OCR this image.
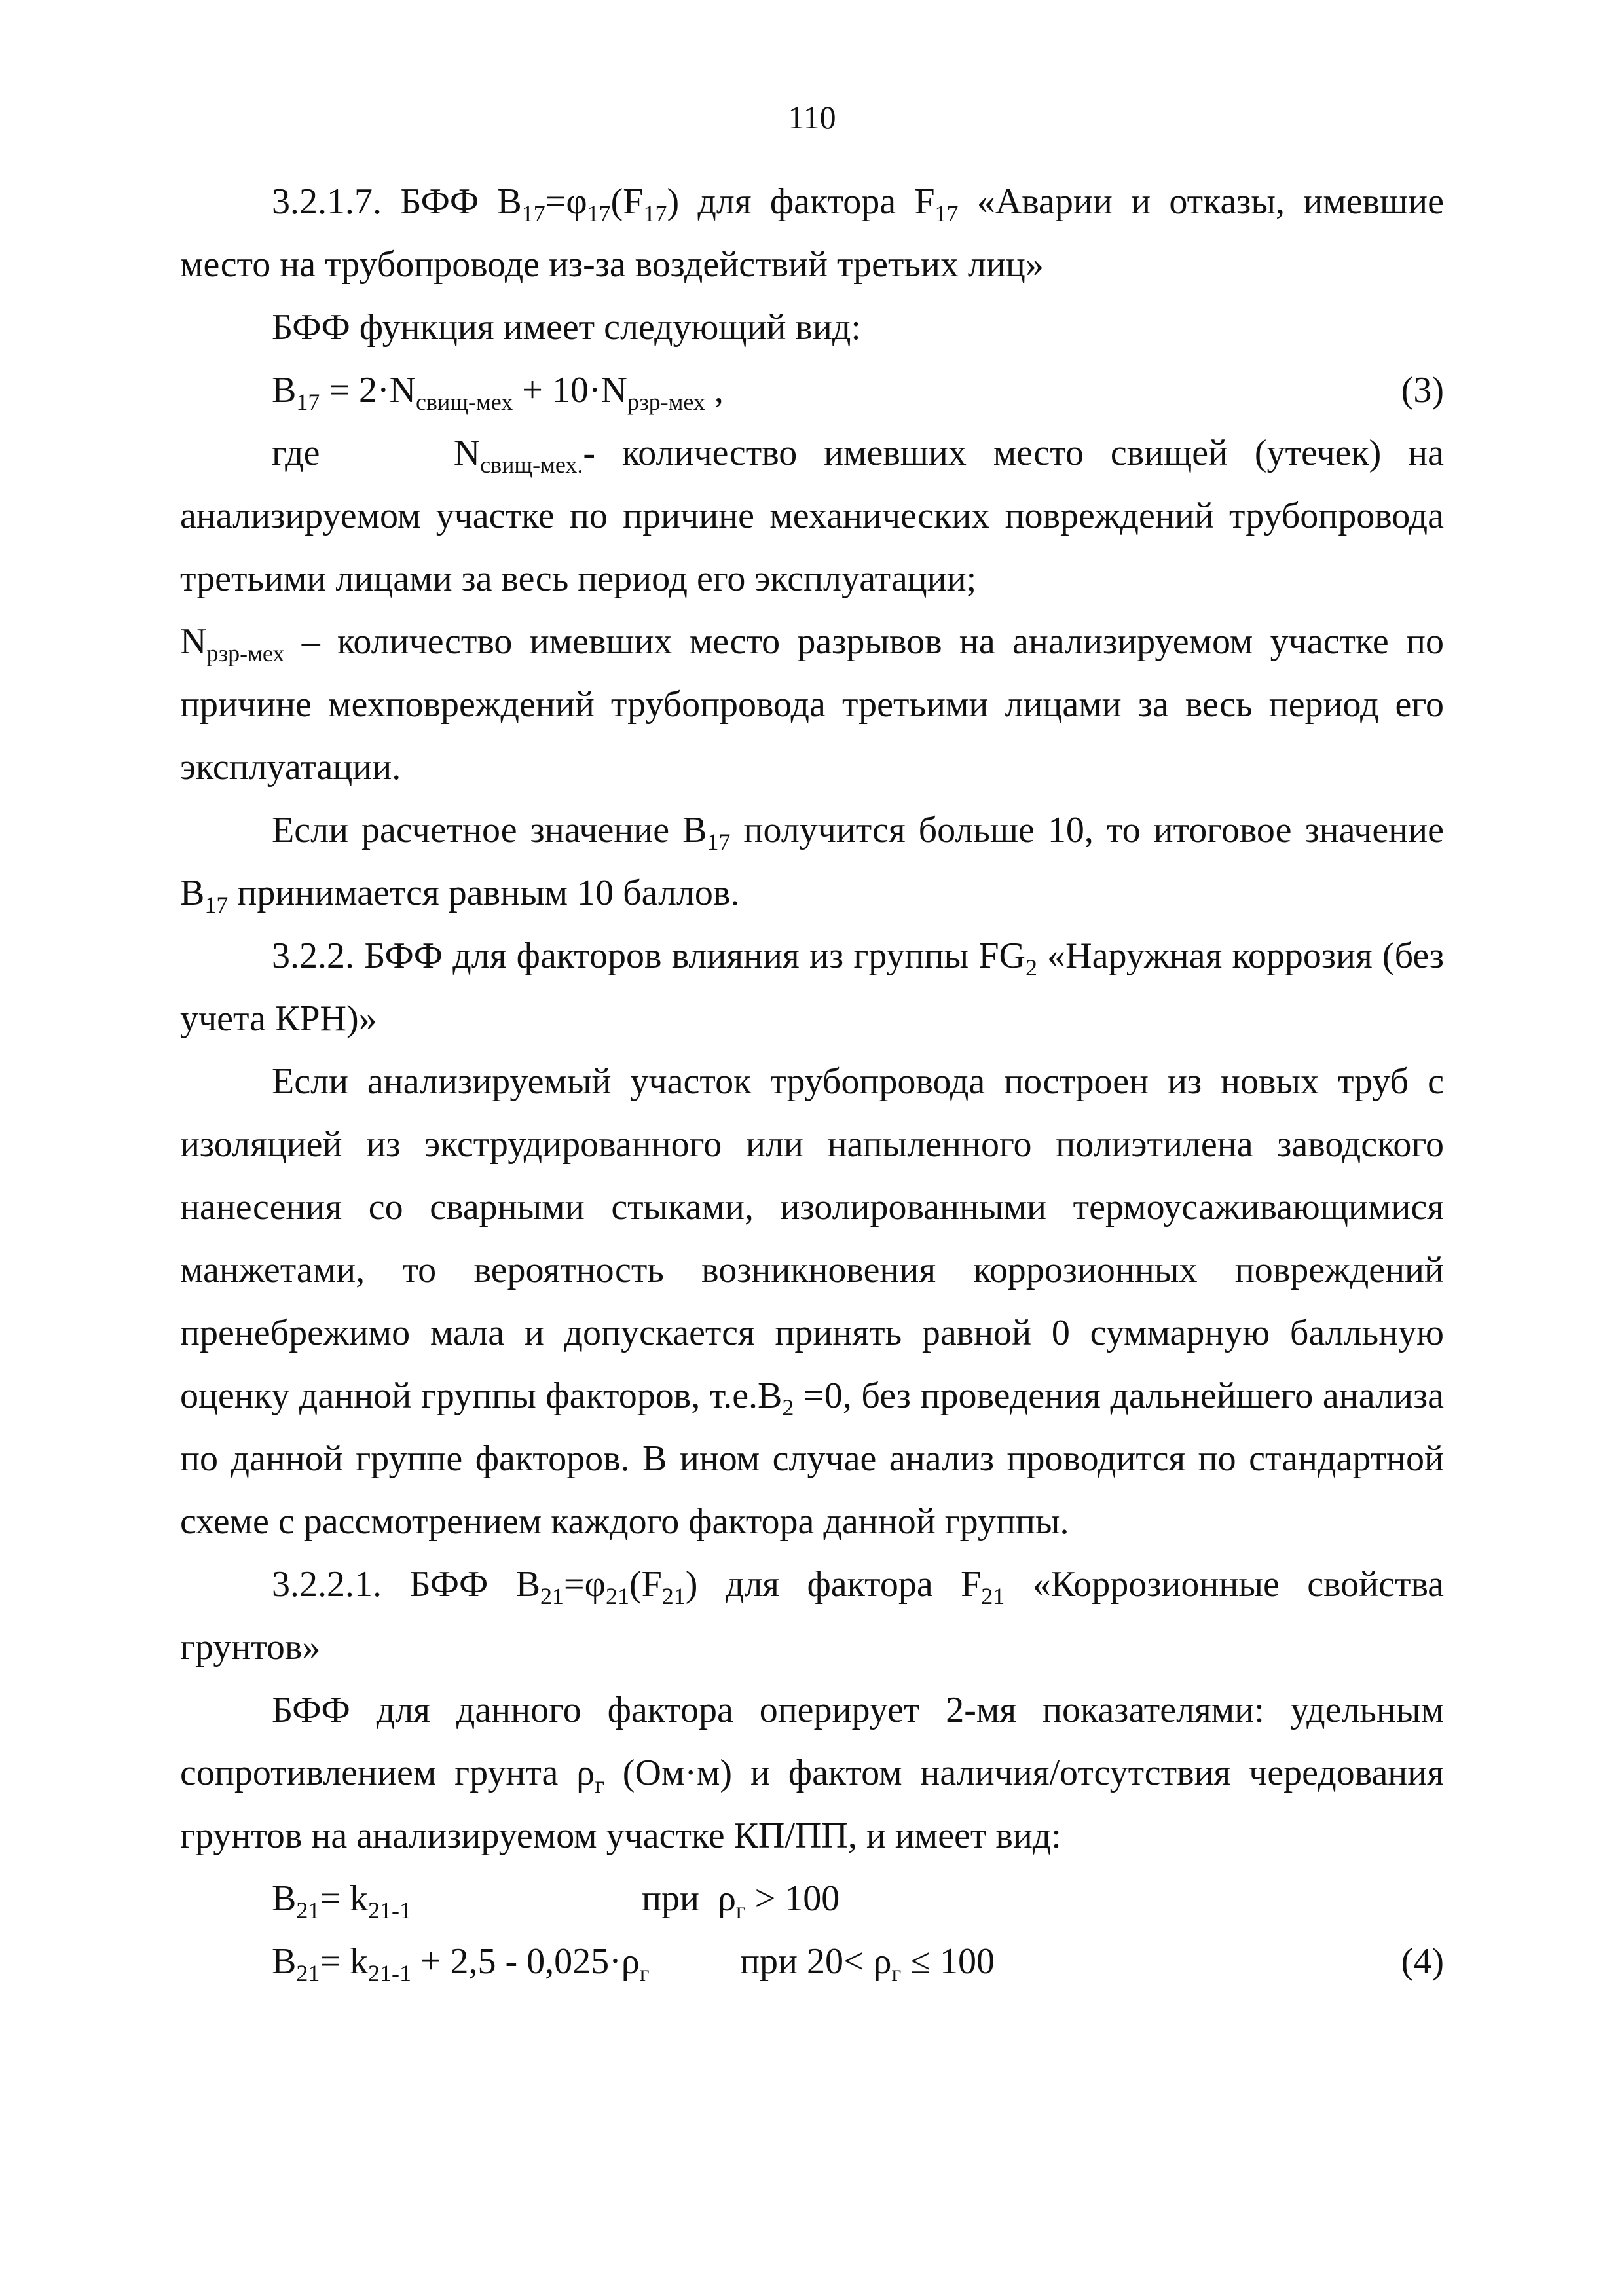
110
3.2.1.7. БФФ $B_{17}=\varphi_{17}(F_{17})$ для фактора $F_{17}$ «Аварии и отказы, имевшие место на трубопроводе из-за воздействий третьих лиц»
БФФ функция имеет следующий вид:
$B_{17} = 2\cdot N_{свищ-мех} + 10\cdot N_{рзр-мех}$ ,	(3)
где	$N_{свищ-мех.}-$ количество имевших место свищей (утечек) на анализируемом участке по причине механических повреждений трубопровода третьими лицами за весь период его эксплуатации;
$N_{рзр-мех}$ – количество имевших место разрывов на анализируемом участке по причине мехповреждений трубопровода третьими лицами за весь период его эксплуатации.
Если расчетное значение $B_{17}$ получится больше 10, то итоговое значение $B_{17}$ принимается равным 10 баллов.
3.2.2. БФФ для факторов влияния из группы $FG_2$ «Наружная коррозия (без учета КРН)»
Если анализируемый участок трубопровода построен из новых труб с изоляцией из экструдированного или напыленного полиэтилена заводского нанесения со сварными стыками, изолированными термоусаживающимися манжетами, то вероятность возникновения коррозионных повреждений пренебрежимо мала и допускается принять равной 0 суммарную балльную оценку данной группы факторов, $т.е.B_2 =0$, без проведения дальнейшего анализа по данной группе факторов. В ином случае анализ проводится по стандартной схеме с рассмотрением каждого фактора данной группы.
3.2.2.1. БФФ $B_{21}=\varphi_{21}(F_{21})$ для фактора $F_{21}$ «Коррозионные свойства грунтов»
БФФ для данного фактора оперирует 2-мя показателями: удельным сопротивлением грунта $\rho_г$ (Ом·м) и фактом наличия/отсутствия чередования грунтов на анализируемом участке КП/ПП, и имеет вид:
$B_{21}= k_{21-1}$	при  $\rho_г > 100$
$B_{21}= k_{21-1} + 2,5 - 0,025\cdot\rho_г$ при $20< \rho_г \le 100$	(4)
